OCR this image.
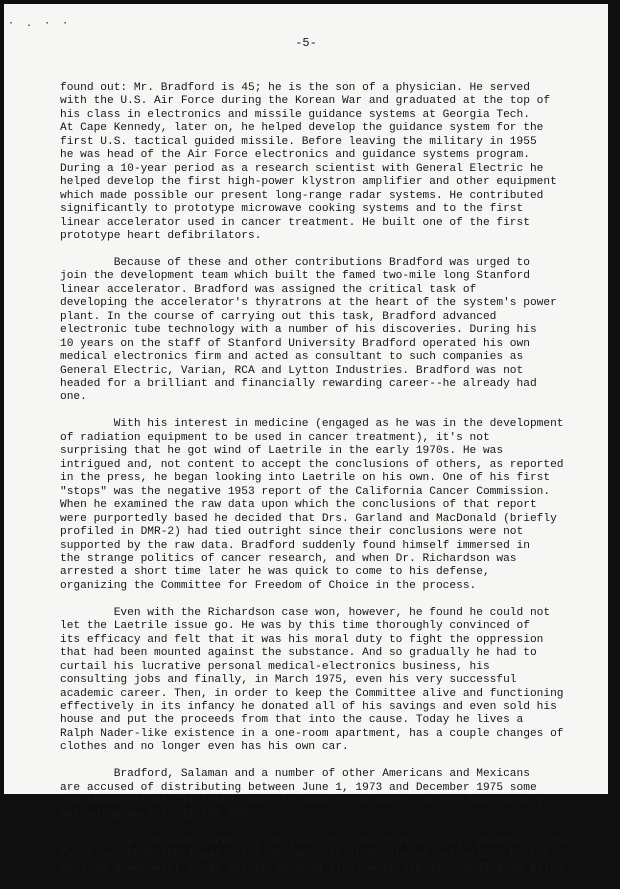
· . · ·
-5-
found out: Mr. Bradford is 45; he is the son of a physician. He served
with the U.S. Air Force during the Korean War and graduated at the top of
his class in electronics and missile guidance systems at Georgia Tech.
At Cape Kennedy, later on, he helped develop the guidance system for the
first U.S. tactical guided missile. Before leaving the military in 1955
he was head of the Air Force electronics and guidance systems program.
During a 10-year period as a research scientist with General Electric he
helped develop the first high-power klystron amplifier and other equipment
which made possible our present long-range radar systems. He contributed
significantly to prototype microwave cooking systems and to the first
linear accelerator used in cancer treatment. He built one of the first
prototype heart defibrilators.
Because of these and other contributions Bradford was urged to
join the development team which built the famed two-mile long Stanford
linear accelerator. Bradford was assigned the critical task of
developing the accelerator's thyratrons at the heart of the system's power
plant. In the course of carrying out this task, Bradford advanced
electronic tube technology with a number of his discoveries. During his
10 years on the staff of Stanford University Bradford operated his own
medical electronics firm and acted as consultant to such companies as
General Electric, Varian, RCA and Lytton Industries. Bradford was not
headed for a brilliant and financially rewarding career--he already had
one.
With his interest in medicine (engaged as he was in the development
of radiation equipment to be used in cancer treatment), it's not
surprising that he got wind of Laetrile in the early 1970s. He was
intrigued and, not content to accept the conclusions of others, as reported
in the press, he began looking into Laetrile on his own. One of his first
"stops" was the negative 1953 report of the California Cancer Commission.
When he examined the raw data upon which the conclusions of that report
were purportedly based he decided that Drs. Garland and MacDonald (briefly
profiled in DMR-2) had tied outright since their conclusions were not
supported by the raw data. Bradford suddenly found himself immersed in
the strange politics of cancer research, and when Dr. Richardson was
arrested a short time later he was quick to come to his defense,
organizing the Committee for Freedom of Choice in the process.
Even with the Richardson case won, however, he found he could not
let the Laetrile issue go. He was by this time thoroughly convinced of
its efficacy and felt that it was his moral duty to fight the oppression
that had been mounted against the substance. And so gradually he had to
curtail his lucrative personal medical-electronics business, his
consulting jobs and finally, in March 1975, even his very successful
academic career. Then, in order to keep the Committee alive and functioning
effectively in its infancy he donated all of his savings and even sold his
house and put the proceeds from that into the cause. Today he lives a
Ralph Nader-like existence in a one-room apartment, has a couple changes of
clothes and no longer even has his own car.
Bradford, Salaman and a number of other Americans and Mexicans
are accused of distributing between June 1, 1973 and December 1975 some
700 shipments of "illicit" Laetrile said to be worth--on the heartlessly
marked-up market--$1,200,000.
"Let us look carefully at just this one figure," says Bradford. "The
facts are that the legal price of Laetrile in Mexico as authorized by the
Mexican government is $9 per three-gram vial, with tablets ranging in price
